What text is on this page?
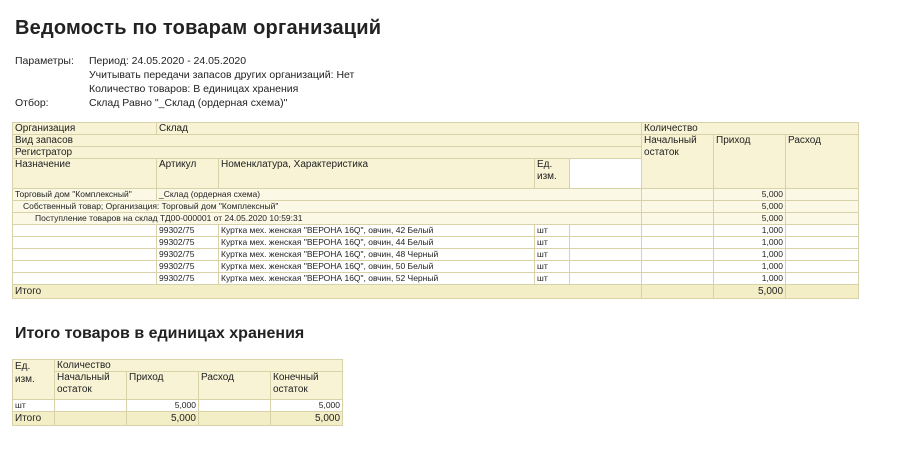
Ведомость по товарам организаций
Параметры:	Период: 24.05.2020 - 24.05.2020
Учитывать передачи запасов других организаций: Нет
Количество товаров: В единицах хранения
Отбор:	Склад Равно "_Склад (ордерная схема)"
Организация	Склад				Количество			
Вид запасов					Начальный остаток	Приход	Расход	
Регистратор								
Назначение	Артикул	Номенклатура, Характеристика	Ед. изм.					
Торговый дом "Комплексный"	_Склад (ордерная схема)					5,000		
Собственный товар; Организация: Торговый дом "Комплексный"						5,000		
Поступление товаров на склад ТД00-000001 от 24.05.2020 10:59:31						5,000		
	99302/75	Куртка мех. женская "ВЕРОНА 16Q", овчин, 42 Белый	шт			1,000		
	99302/75	Куртка мех. женская "ВЕРОНА 16Q", овчин, 44 Белый	шт			1,000		
	99302/75	Куртка мех. женская "ВЕРОНА 16Q", овчин, 48 Черный	шт			1,000		
	99302/75	Куртка мех. женская "ВЕРОНА 16Q", овчин, 50 Белый	шт			1,000		
	99302/75	Куртка мех. женская "ВЕРОНА 16Q", овчин, 52 Черный	шт			1,000		
Итого						5,000		
Итого товаров в единицах хранения
Ед. изм.	Количество			
	Начальный остаток	Приход	Расход	Конечный остаток
шт		5,000		5,000
Итого		5,000		5,000
